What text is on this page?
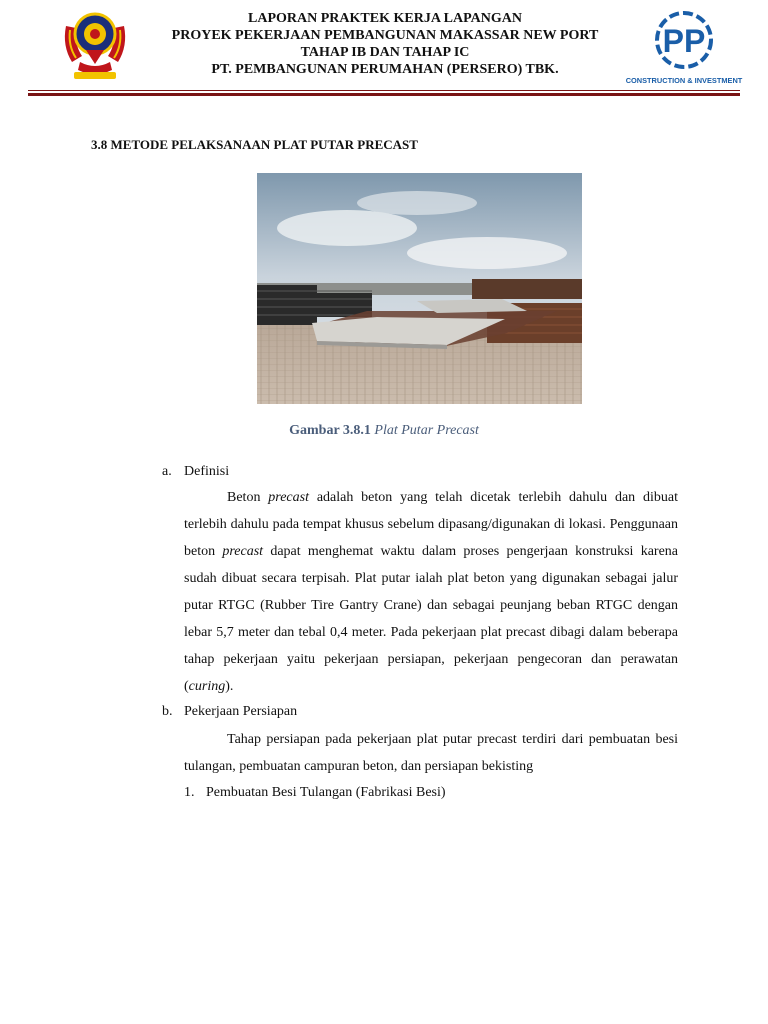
LAPORAN PRAKTEK KERJA LAPANGAN
PROYEK PEKERJAAN PEMBANGUNAN MAKASSAR NEW PORT
TAHAP IB DAN TAHAP IC
PT. PEMBANGUNAN PERUMAHAN (PERSERO) TBK.
PP
CONSTRUCTION & INVESTMENT
3.8 METODE PELAKSANAAN PLAT PUTAR PRECAST
Gambar 3.8.1 Plat Putar Precast
a. Definisi
Beton precast adalah beton yang telah dicetak terlebih dahulu dan dibuat terlebih dahulu pada tempat khusus sebelum dipasang/digunakan di lokasi. Penggunaan beton precast dapat menghemat waktu dalam proses pengerjaan konstruksi karena sudah dibuat secara terpisah. Plat putar ialah plat beton yang digunakan sebagai jalur putar RTGC (Rubber Tire Gantry Crane) dan sebagai peunjang beban RTGC dengan lebar 5,7 meter dan tebal 0,4 meter. Pada pekerjaan plat precast dibagi dalam beberapa tahap pekerjaan yaitu pekerjaan persiapan, pekerjaan pengecoran dan perawatan (curing).
b. Pekerjaan Persiapan
Tahap persiapan pada pekerjaan plat putar precast terdiri dari pembuatan besi tulangan, pembuatan campuran beton, dan persiapan bekisting
1. Pembuatan Besi Tulangan (Fabrikasi Besi)
